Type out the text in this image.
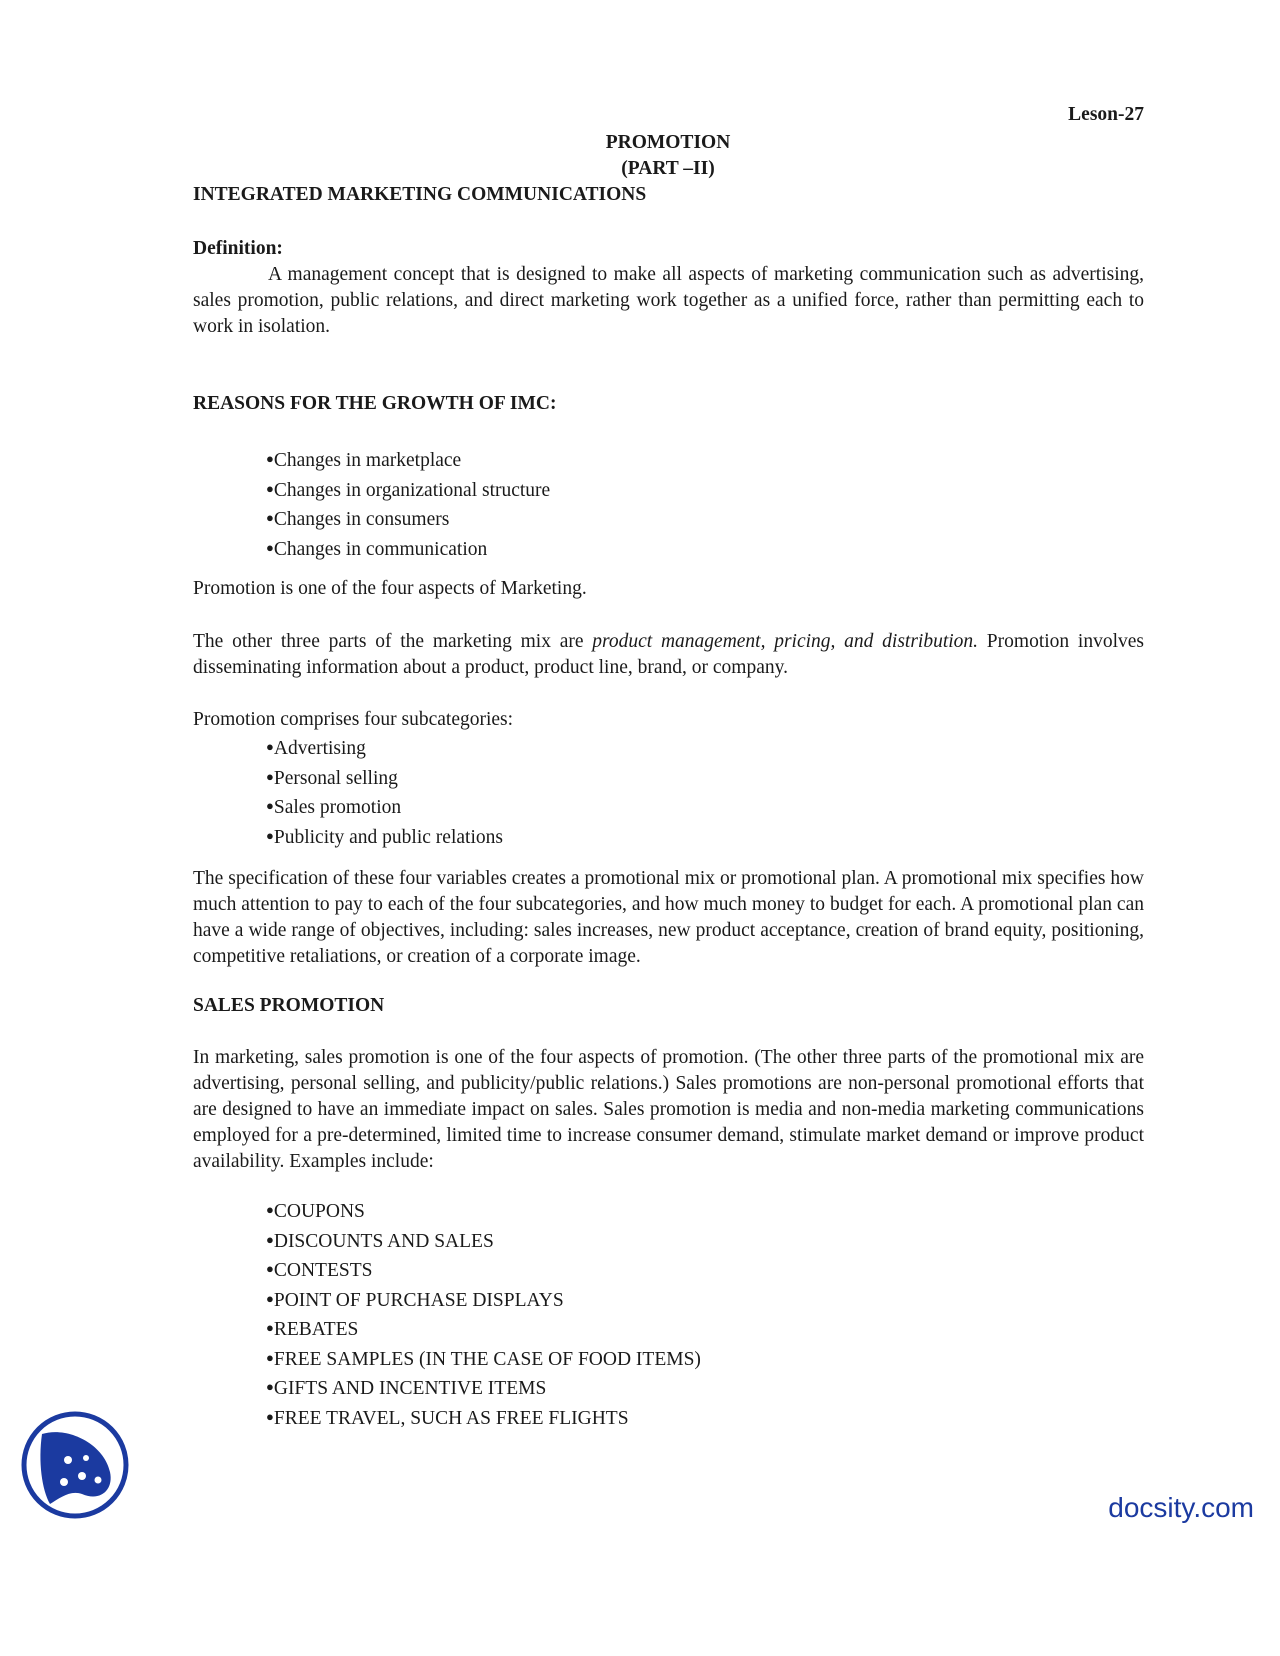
Leson-27
PROMOTION
(PART –II)
INTEGRATED MARKETING COMMUNICATIONS
Definition:
A management concept that is designed to make all aspects of marketing communication such as advertising, sales promotion, public relations, and direct marketing work together as a unified force, rather than permitting each to work in isolation.
REASONS FOR THE GROWTH OF IMC:
●Changes in marketplace
●Changes in organizational structure
●Changes in consumers
●Changes in communication
Promotion is one of the four aspects of Marketing.
The other three parts of the marketing mix are product management, pricing, and distribution. Promotion involves disseminating information about a product, product line, brand, or company.
Promotion comprises four subcategories:
●Advertising
●Personal selling
●Sales promotion
●Publicity and public relations
The specification of these four variables creates a promotional mix or promotional plan. A promotional mix specifies how much attention to pay to each of the four subcategories, and how much money to budget for each. A promotional plan can have a wide range of objectives, including: sales increases, new product acceptance, creation of brand equity, positioning, competitive retaliations, or creation of a corporate image.
SALES PROMOTION
In marketing, sales promotion is one of the four aspects of promotion. (The other three parts of the promotional mix are advertising, personal selling, and publicity/public relations.) Sales promotions are non-personal promotional efforts that are designed to have an immediate impact on sales. Sales promotion is media and non-media marketing communications employed for a pre-determined, limited time to increase consumer demand, stimulate market demand or improve product availability. Examples include:
●COUPONS
●DISCOUNTS AND SALES
●CONTESTS
●POINT OF PURCHASE DISPLAYS
●REBATES
●FREE SAMPLES (IN THE CASE OF FOOD ITEMS)
●GIFTS AND INCENTIVE ITEMS
●FREE TRAVEL, SUCH AS FREE FLIGHTS
docsity.com
